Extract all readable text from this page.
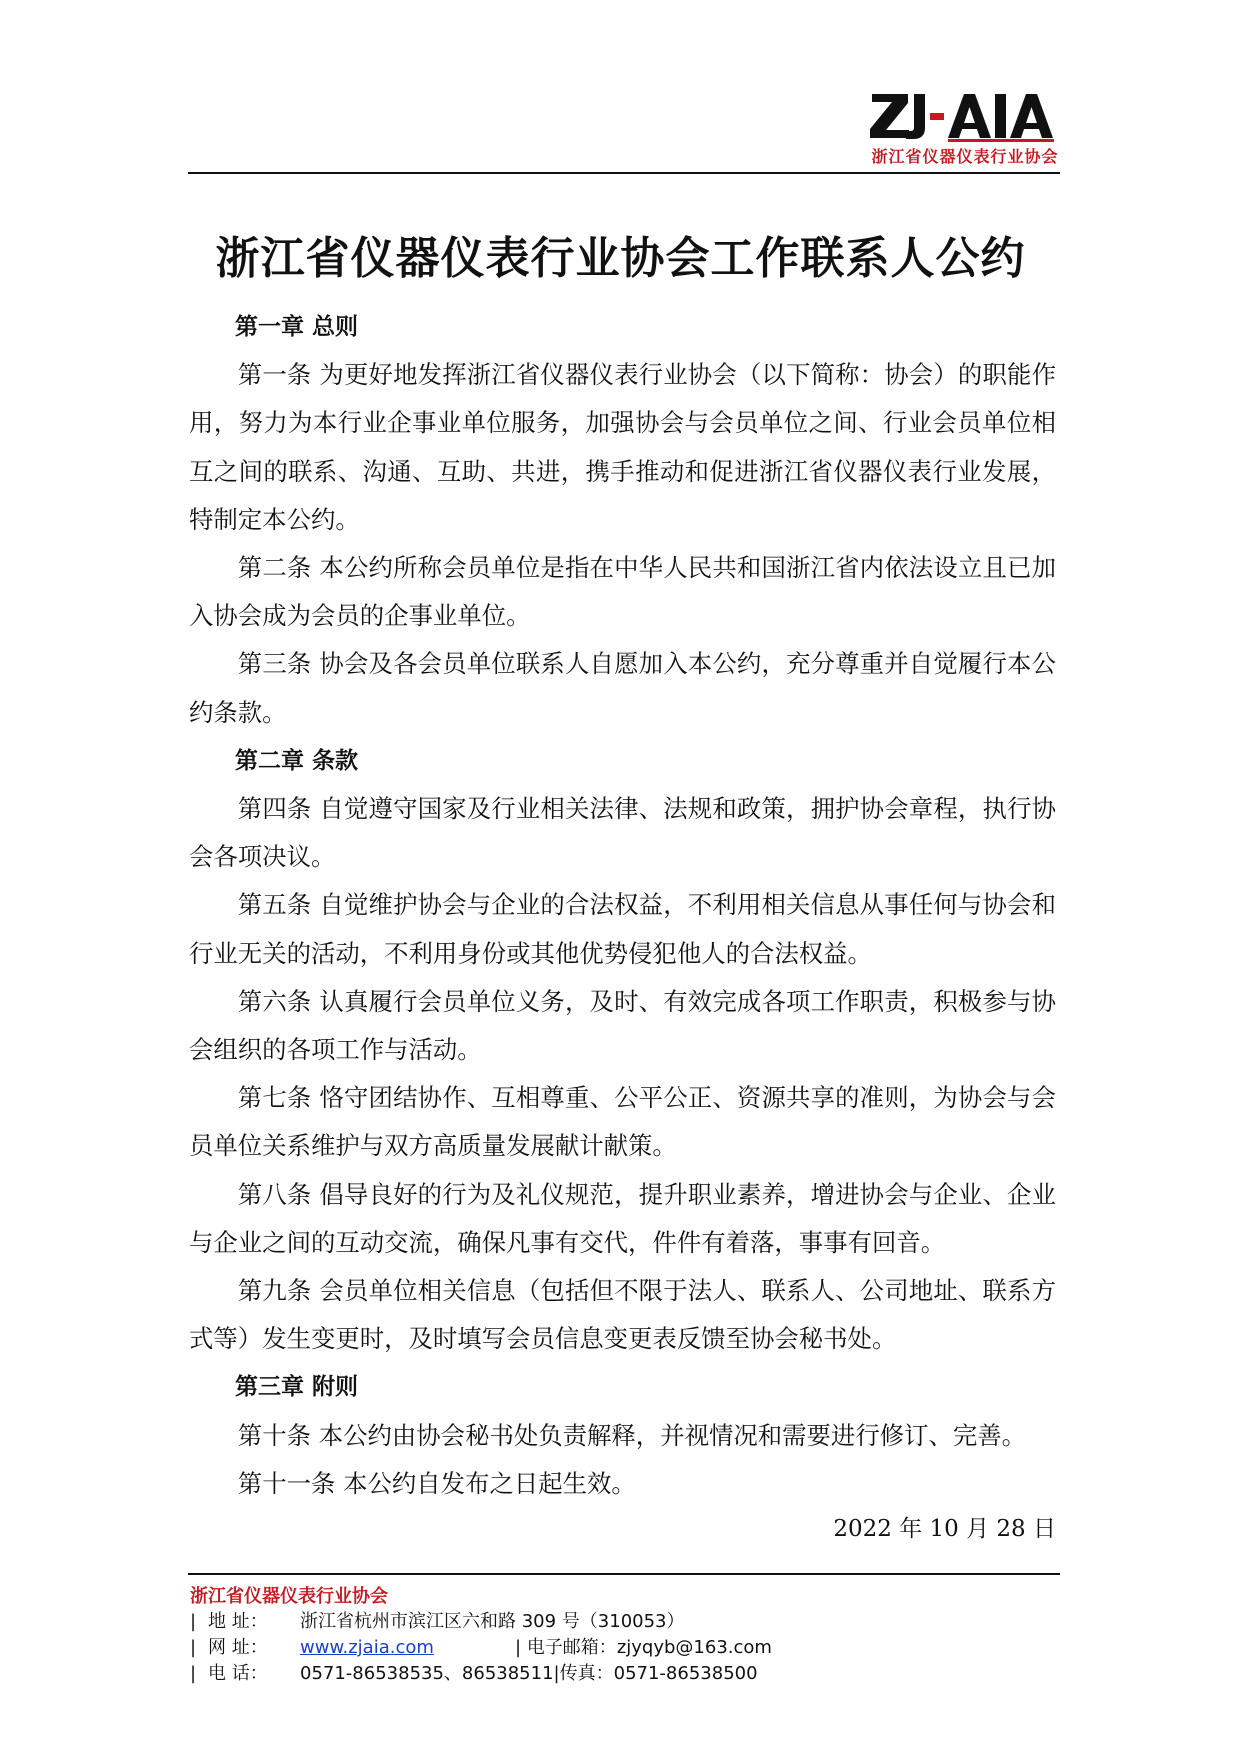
浙江省仪器仪表行业协会
浙江省仪器仪表行业协会工作联系人公约

第一章 总则

第一条 为更好地发挥浙江省仪器仪表行业协会（以下简称：协会）的职能作用，努力为本行业企事业单位服务，加强协会与会员单位之间、行业会员单位相互之间的联系、沟通、互助、共进，携手推动和促进浙江省仪器仪表行业发展，特制定本公约。

第二条 本公约所称会员单位是指在中华人民共和国浙江省内依法设立且已加入协会成为会员的企事业单位。

第三条 协会及各会员单位联系人自愿加入本公约，充分尊重并自觉履行本公约条款。

第二章 条款

第四条 自觉遵守国家及行业相关法律、法规和政策，拥护协会章程，执行协会各项决议。

第五条 自觉维护协会与企业的合法权益，不利用相关信息从事任何与协会和行业无关的活动，不利用身份或其他优势侵犯他人的合法权益。

第六条 认真履行会员单位义务，及时、有效完成各项工作职责，积极参与协会组织的各项工作与活动。

第七条 恪守团结协作、互相尊重、公平公正、资源共享的准则，为协会与会员单位关系维护与双方高质量发展献计献策。

第八条 倡导良好的行为及礼仪规范，提升职业素养，增进协会与企业、企业与企业之间的互动交流，确保凡事有交代，件件有着落，事事有回音。

第九条 会员单位相关信息（包括但不限于法人、联系人、公司地址、联系方式等）发生变更时，及时填写会员信息变更表反馈至协会秘书处。

第三章 附则

第十条 本公约由协会秘书处负责解释，并视情况和需要进行修订、完善。

第十一条 本公约自发布之日起生效。

2022 年 10 月 28 日
浙江省仪器仪表行业协会
| 地 址： 浙江省杭州市滨江区六和路 309 号（310053）
| 网 址： www.zjaia.com	| 电子邮箱：zjyqyb@163.com
| 电 话： 0571-86538535、86538511|传真：0571-86538500
